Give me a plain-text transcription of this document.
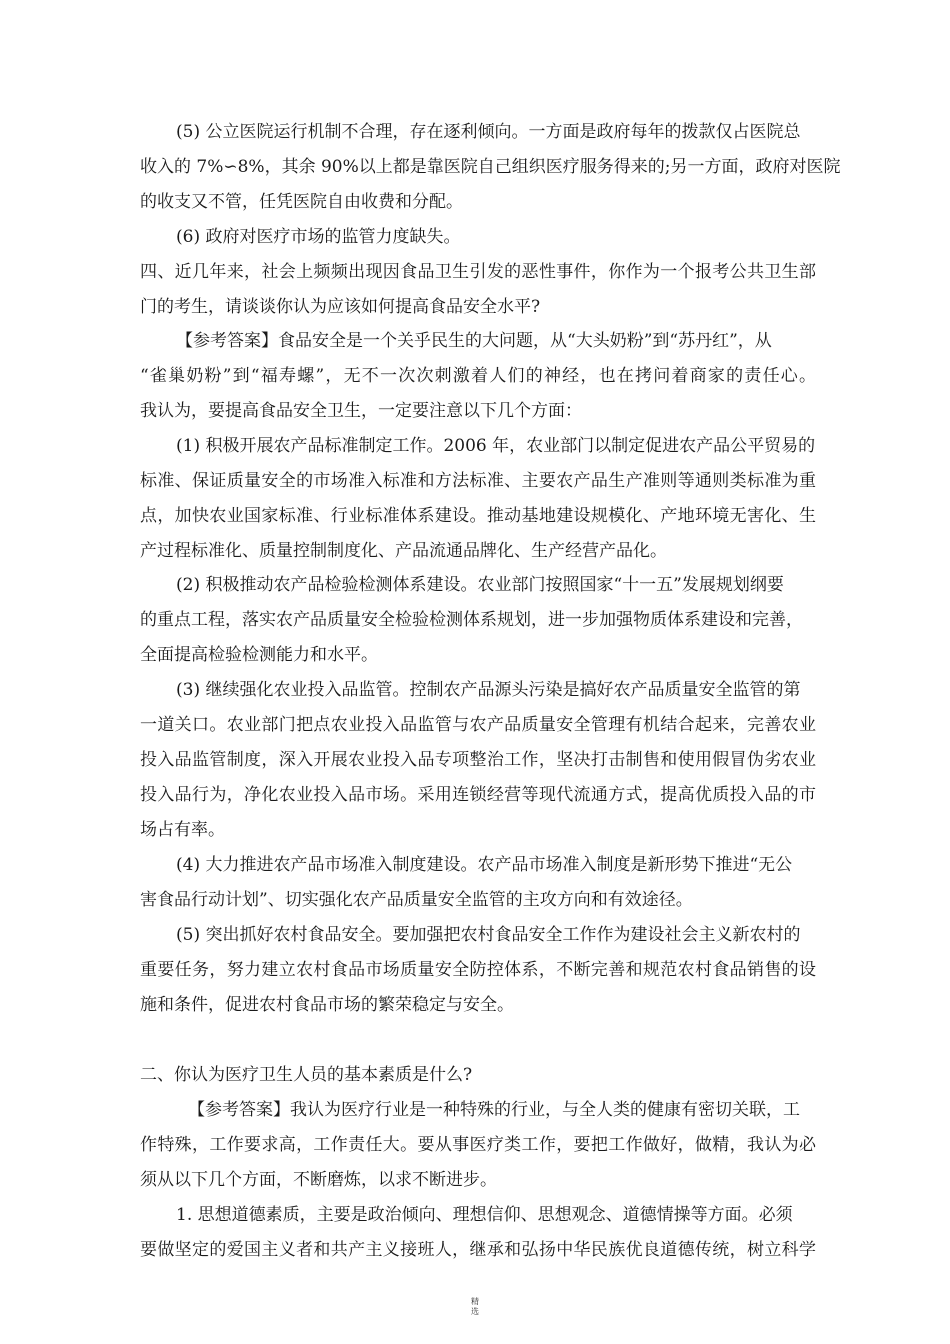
(5) 公立医院运行机制不合理，存在逐利倾向。一方面是政府每年的拨款仅占医院总

收入的 7%∽8%，其余 90%以上都是靠医院自己组织医疗服务得来的;另一方面，政府对医院

的收支又不管，任凭医院自由收费和分配。

(6) 政府对医疗市场的监管力度缺失。

四、近几年来，社会上频频出现因食品卫生引发的恶性事件，你作为一个报考公共卫生部

门的考生，请谈谈你认为应该如何提高食品安全水平?

【参考答案】食品安全是一个关乎民生的大问题，从“大头奶粉”到“苏丹红”，从

“雀巢奶粉”到“福寿螺”，无不一次次刺激着人们的神经，也在拷问着商家的责任心。

我认为，要提高食品安全卫生，一定要注意以下几个方面：

(1) 积极开展农产品标准制定工作。2006 年，农业部门以制定促进农产品公平贸易的

标准、保证质量安全的市场准入标准和方法标准、主要农产品生产准则等通则类标准为重

点，加快农业国家标准、行业标准体系建设。推动基地建设规模化、产地环境无害化、生

产过程标准化、质量控制制度化、产品流通品牌化、生产经营产品化。

(2) 积极推动农产品检验检测体系建设。农业部门按照国家“十一五”发展规划纲要

的重点工程，落实农产品质量安全检验检测体系规划，进一步加强物质体系建设和完善，

全面提高检验检测能力和水平。

(3) 继续强化农业投入品监管。控制农产品源头污染是搞好农产品质量安全监管的第

一道关口。农业部门把点农业投入品监管与农产品质量安全管理有机结合起来，完善农业

投入品监管制度，深入开展农业投入品专项整治工作，坚决打击制售和使用假冒伪劣农业

投入品行为，净化农业投入品市场。采用连锁经营等现代流通方式，提高优质投入品的市

场占有率。

(4) 大力推进农产品市场准入制度建设。农产品市场准入制度是新形势下推进“无公

害食品行动计划”、切实强化农产品质量安全监管的主攻方向和有效途径。

(5) 突出抓好农村食品安全。要加强把农村食品安全工作作为建设社会主义新农村的

重要任务，努力建立农村食品市场质量安全防控体系，不断完善和规范农村食品销售的设

施和条件，促进农村食品市场的繁荣稳定与安全。

二、你认为医疗卫生人员的基本素质是什么?

【参考答案】我认为医疗行业是一种特殊的行业，与全人类的健康有密切关联，工

作特殊，工作要求高，工作责任大。要从事医疗类工作，要把工作做好，做精，我认为必

须从以下几个方面，不断磨炼，以求不断进步。

1. 思想道德素质，主要是政治倾向、理想信仰、思想观念、道德情操等方面。必须

要做坚定的爱国主义者和共产主义接班人，继承和弘扬中华民族优良道德传统，树立科学

精
选
